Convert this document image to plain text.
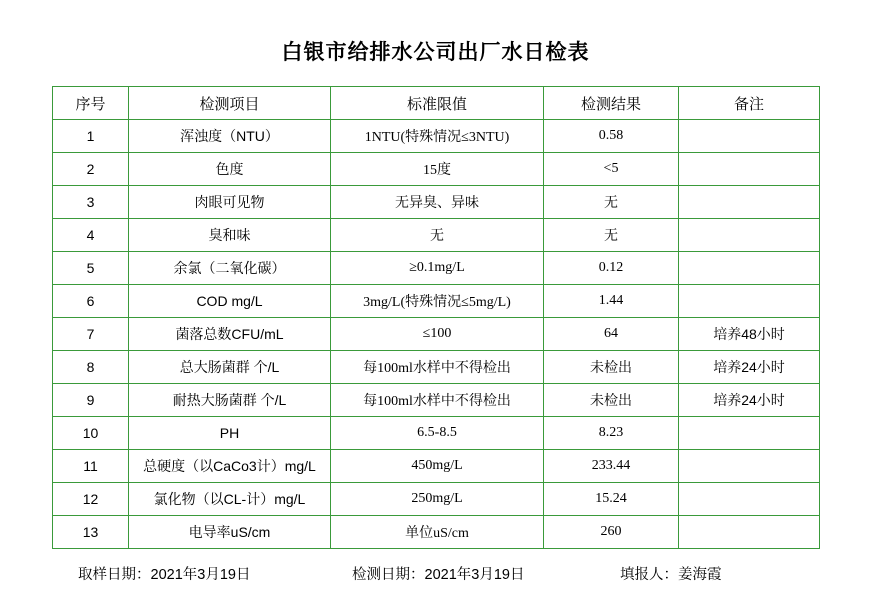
白银市给排水公司出厂水日检表
序号	检测项目	标准限值	检测结果	备注
1	浑浊度（NTU）	1NTU(特殊情况≤3NTU)	0.58	
2	色度	15度	<5	
3	肉眼可见物	无异臭、异味	无	
4	臭和味	无	无	
5	余氯（二氧化碳）	≥0.1mg/L	0.12	
6	COD mg/L	3mg/L(特殊情况≤5mg/L)	1.44	
7	菌落总数CFU/mL	≤100	64	培养48小时
8	总大肠菌群 个/L	每100ml水样中不得检出	未检出	培养24小时
9	耐热大肠菌群 个/L	每100ml水样中不得检出	未检出	培养24小时
10	PH	6.5-8.5	8.23	
11	总硬度（以CaCo3计）mg/L	450mg/L	233.44	
12	氯化物（以CL-计）mg/L	250mg/L	15.24	
13	电导率uS/cm	单位uS/cm	260	
取样日期：2021年3月19日	检测日期：2021年3月19日	填报人：姜海霞
